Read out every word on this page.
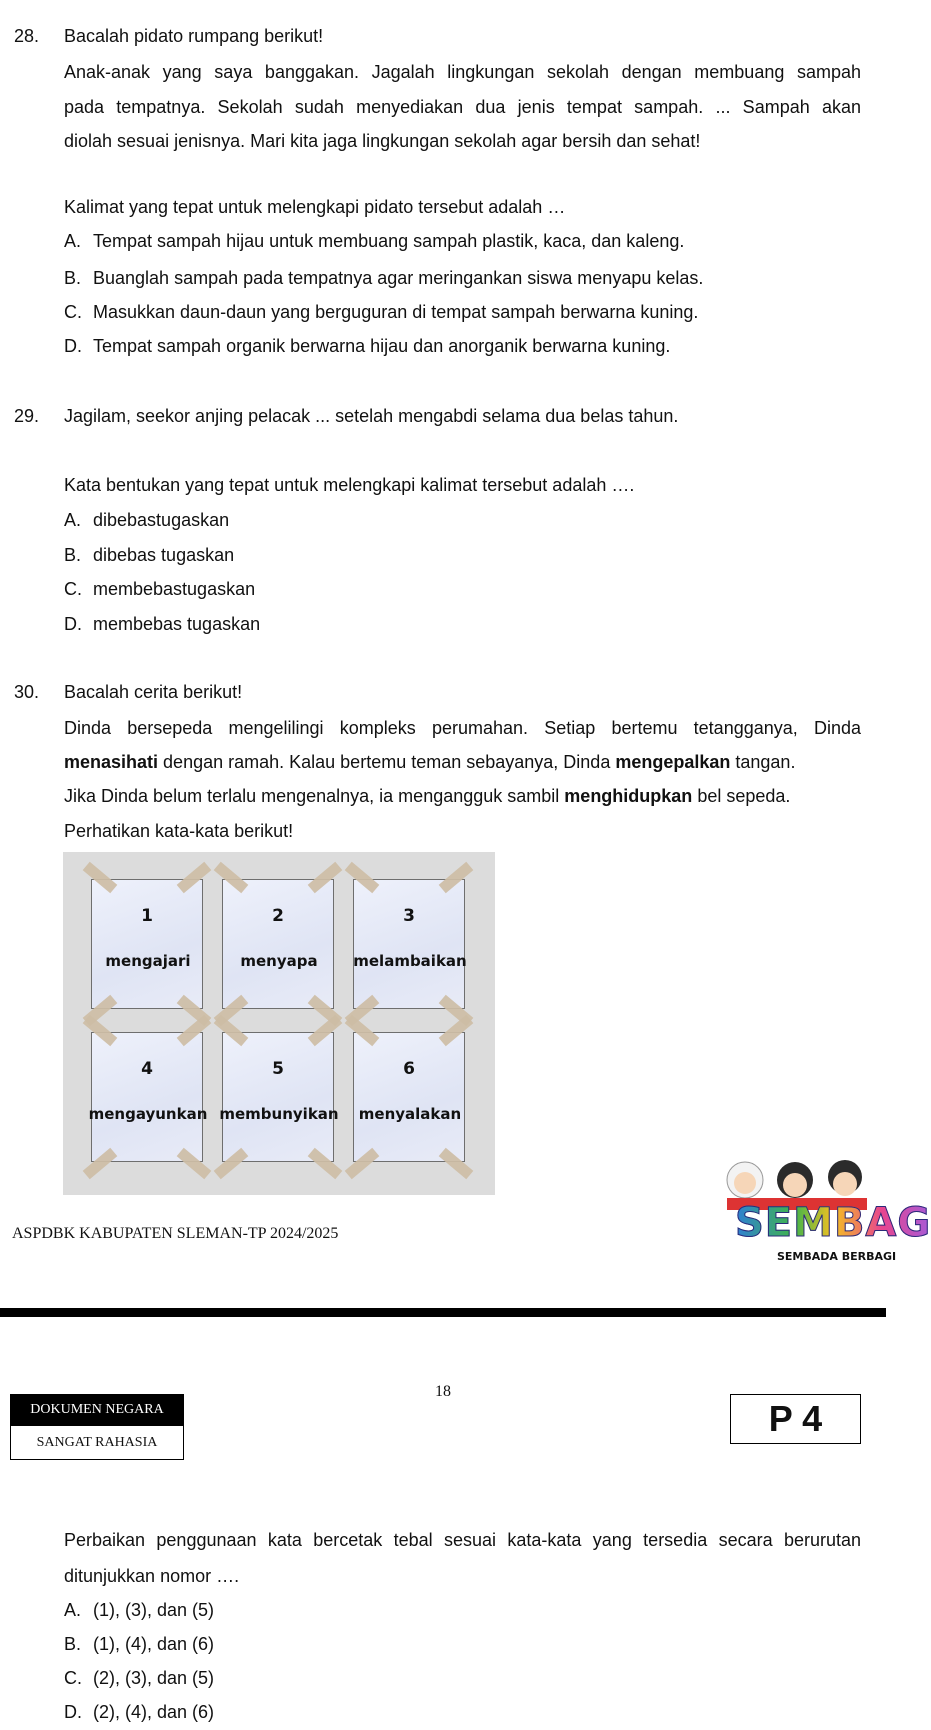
28. Bacalah pidato rumpang berikut!
Anak-anak yang saya banggakan. Jagalah lingkungan sekolah dengan membuang sampah
pada tempatnya. Sekolah sudah menyediakan dua jenis tempat sampah. ... Sampah akan
diolah sesuai jenisnya. Mari kita jaga lingkungan sekolah agar bersih dan sehat!
Kalimat yang tepat untuk melengkapi pidato tersebut adalah …
A. Tempat sampah hijau untuk membuang sampah plastik, kaca, dan kaleng.
B. Buanglah sampah pada tempatnya agar meringankan siswa menyapu kelas.
C. Masukkan daun-daun yang berguguran di tempat sampah berwarna kuning.
D. Tempat sampah organik berwarna hijau dan anorganik berwarna kuning.
29. Jagilam, seekor anjing pelacak ... setelah mengabdi selama dua belas tahun.
Kata bentukan yang tepat untuk melengkapi kalimat tersebut adalah ….
A. dibebastugaskan
B. dibebas tugaskan
C. membebastugaskan
D. membebas tugaskan
30. Bacalah cerita berikut!
Dinda bersepeda mengelilingi kompleks perumahan. Setiap bertemu tetangganya, Dinda
menasihati dengan ramah. Kalau bertemu teman sebayanya, Dinda mengepalkan tangan.
Jika Dinda belum terlalu mengenalnya, ia mengangguk sambil menghidupkan bel sepeda.
Perhatikan kata-kata berikut!
1
mengajari
2
menyapa
3
melambaikan
4
mengayunkan
5
membunyikan
6
menyalakan
ASPDBK KABUPATEN SLEMAN-TP 2024/2025	SEMBAG
SEMBADA BERBAGI
18
DOKUMEN NEGARA
SANGAT RAHASIA
P 4
Perbaikan penggunaan kata bercetak tebal sesuai kata-kata yang tersedia secara berurutan
ditunjukkan nomor ….
A. (1), (3), dan (5)
B. (1), (4), dan (6)
C. (2), (3), dan (5)
D. (2), (4), dan (6)
